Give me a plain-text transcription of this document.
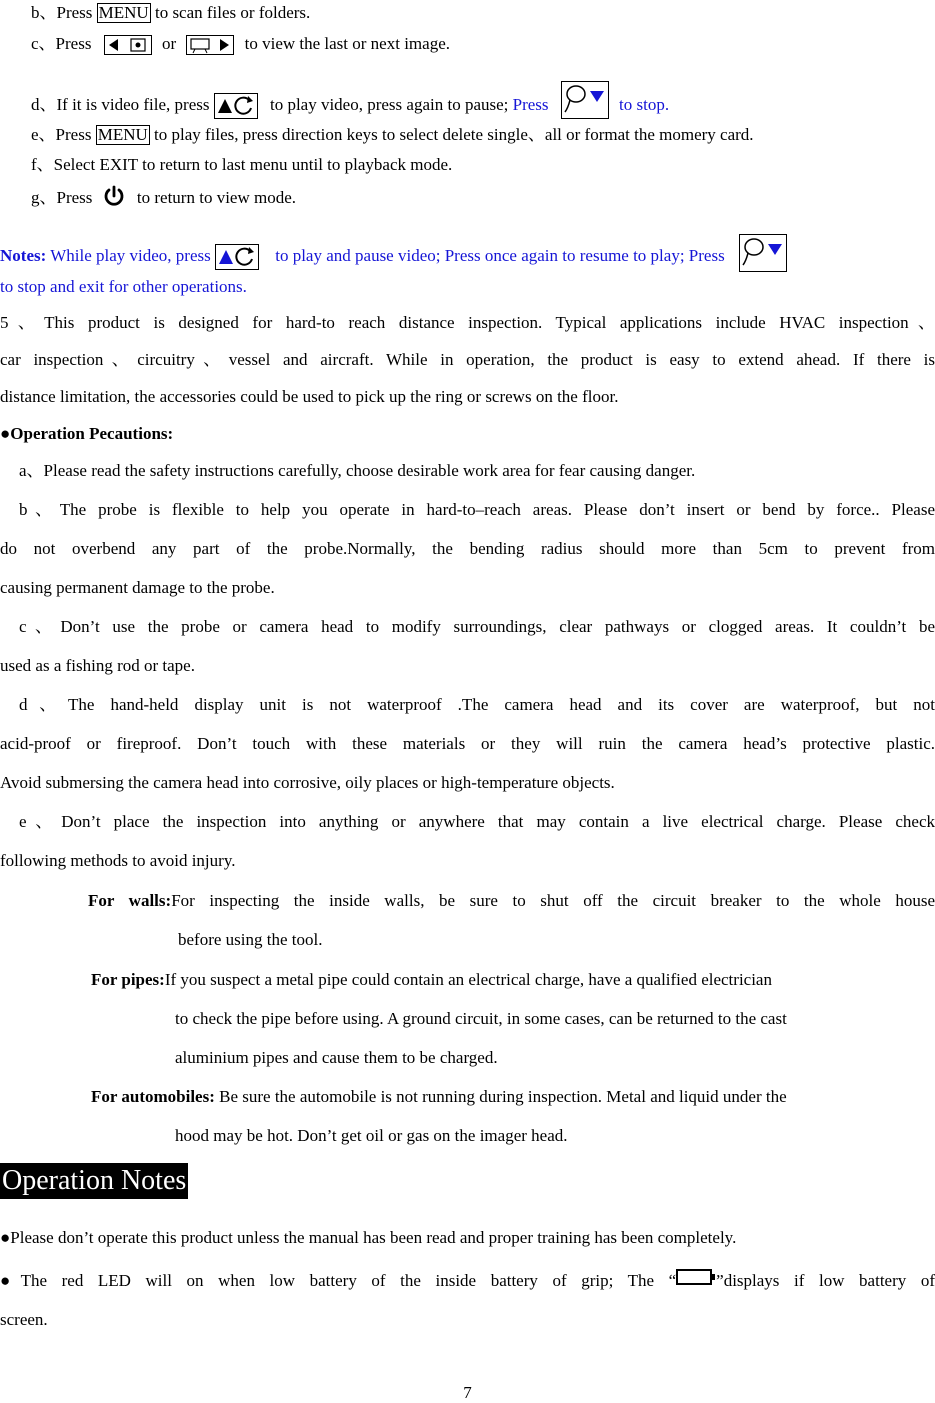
b、Press MENU to scan files or folders.
c、Press	or	to view the last or next image.
d、If it is video file, press	to play video, press again to pause; Press	to stop.
e、Press MENU to play files, press direction keys to select delete single、all or format the momery card.
f、Select EXIT to return to last menu until to playback mode.
g、Press  to return to view mode.
Notes: While play video, press	to play and pause video; Press once again to resume to play; Press
to stop and exit for other operations.
5、This product is designed for hard-to reach distance inspection. Typical applications include HVAC inspection、
car inspection、circuitry、vessel and aircraft. While in operation, the product is easy to extend ahead. If there is
distance limitation, the accessories could be used to pick up the ring or screws on the floor.
●Operation Pecautions:
a、Please read the safety instructions carefully, choose desirable work area for fear causing danger.
b、The probe is flexible to help you operate in hard-to–reach areas. Please don’t insert or bend by force.. Please
do not overbend any part of the probe.Normally, the bending radius should more than 5cm to prevent from
causing permanent damage to the probe.
c、Don’t use the probe or camera head to modify surroundings, clear pathways or clogged areas. It couldn’t be
used as a fishing rod or tape.
d、The hand-held display unit is not waterproof .The camera head and its cover are waterproof, but not
acid-proof or fireproof. Don’t touch with these materials or they will ruin the camera head’s protective plastic.
Avoid submersing the camera head into corrosive, oily places or high-temperature objects.
e、Don’t place the inspection into anything or anywhere that may contain a live electrical charge. Please check
following methods to avoid injury.
For walls:For inspecting the inside walls, be sure to shut off the circuit breaker to the whole house
before using the tool.
For pipes:If you suspect a metal pipe could contain an electrical charge, have a qualified electrician
to check the pipe before using. A ground circuit, in some cases, can be returned to the cast
aluminium pipes and cause them to be charged.
For automobiles: Be sure the automobile is not running during inspection. Metal and liquid under the
hood may be hot. Don’t get oil or gas on the imager head.
Operation Notes
●Please don’t operate this product unless the manual has been read and proper training has been completely.
●The red LED will on when low battery of the inside battery of grip; The “ ”displays if low battery of
screen.
7
